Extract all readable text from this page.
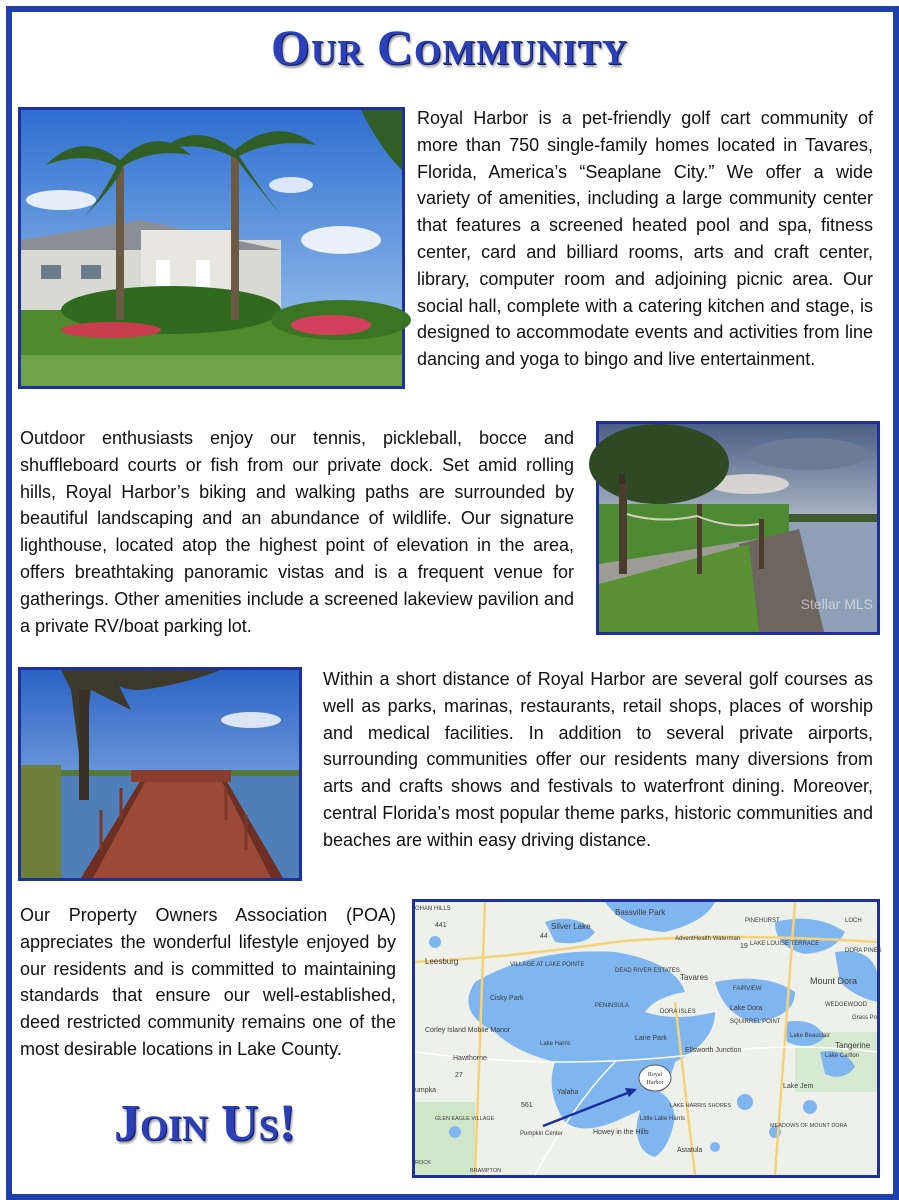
Our Community

Royal Harbor is a pet-friendly golf cart community of more than 750 single-family homes located in Tavares, Florida, America’s “Seaplane City.” We offer a wide variety of amenities, including a large community center that features a screened heated pool and spa, fitness center, card and billiard rooms, arts and craft center, library, computer room and adjoining picnic area. Our social hall, complete with a catering kitchen and stage, is designed to accommodate events and activities from line dancing and yoga to bingo and live entertainment.

Outdoor enthusiasts enjoy our tennis, pickleball, bocce and shuffleboard courts or fish from our private dock. Set amid rolling hills, Royal Harbor’s biking and walking paths are surrounded by beautiful landscaping and an abundance of wildlife. Our signature lighthouse, located atop the highest point of elevation in the area, offers breathtaking panoramic vistas and is a frequent venue for gatherings. Other amenities include a screened lakeview pavilion and a private RV/boat parking lot.

Stellar MLS

Within a short distance of Royal Harbor are several golf courses as well as parks, marinas, restaurants, retail shops, places of worship and medical facilities. In addition to several private airports, surrounding communities offer our residents many diversions from arts and crafts shows and festivals to waterfront dining. Moreover, central Florida’s most popular theme parks, historic communities and beaches are within easy driving distance.

Our Property Owners Association (POA) appreciates the wonderful lifestyle enjoyed by our residents and is committed to maintaining standards that ensure our well-established, deed restricted community remains one of the most desirable locations in Lake County.

Join Us!
44
441
19
27
561
OHAN HILLS	Bassville Park
Silver Lake
PINEHURST	LOCH
AdventHealth Waterman
LAKE LOUISE TERRACE
DORA PINES
Leesburg	VILLAGE AT LAKE POINTE
DEAD RIVER ESTATES
Tavares
FAIRVIEW
Mount Dora
Cisky Park
PENINSULA
DORA ISLES	Lake Dora	WEDGEWOOD
Grass Po
SQUIRREL POINT
Corley Island Mobile Manor
Lake Harris
Lane Park	Lake Beauclair
Tangerine
Hawthorne
Ellsworth Junction
Lake Carlton
umpka	Yalaha
Lake Jem
LAKE HARRIS SHORES
GLEN EAGLE VILLAGE	Little Lake Harris
MEADOWS OF MOUNT DORA
Pumpkin Center	Howey in the Hills
Astatula
ROCK
BRAMPTON
Royal
Harbor
